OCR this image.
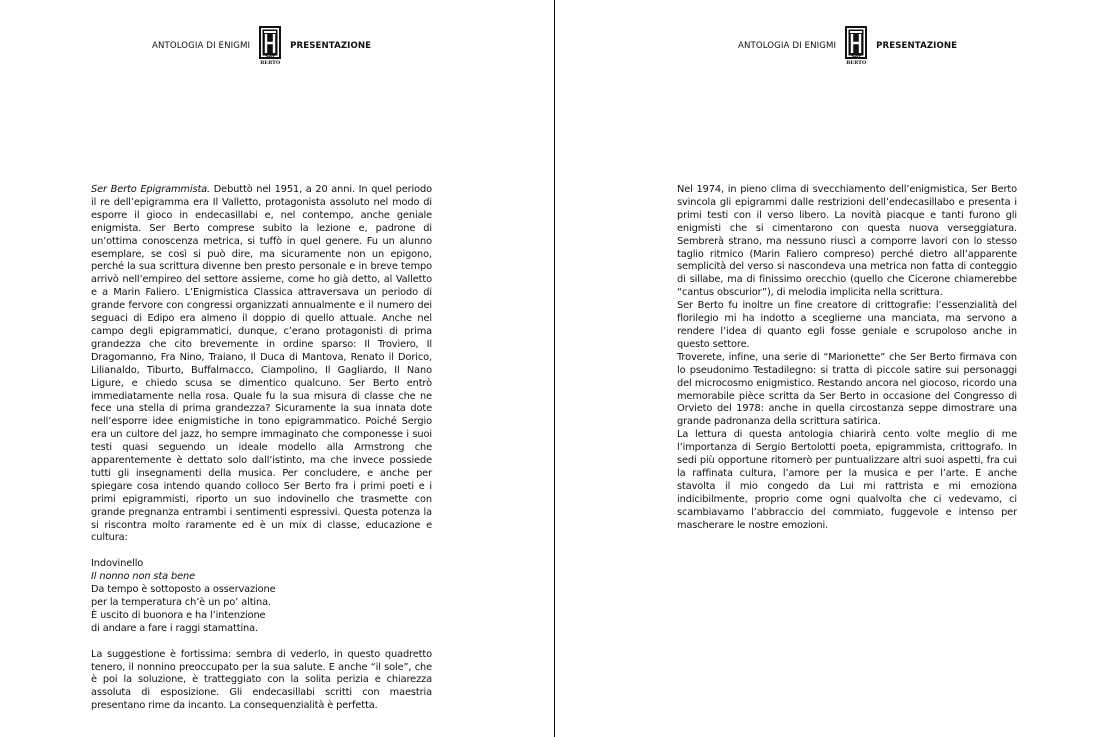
ANTOLOGIA DI ENIGMI
Ser BERTO
PRESENTAZIONE

Ser Berto Epigrammista. Debuttò nel 1951, a 20 anni. In quel periodo il re dell’epigramma era Il Valletto, protagonista assoluto nel modo di esporre il gioco in endecasillabi e, nel contempo, anche geniale enigmista. Ser Berto comprese subito la lezione e, padrone di un’ottima conoscenza metrica, si tuffò in quel genere. Fu un alunno esemplare, se così si può dire, ma sicuramente non un epigono, perché la sua scrittura divenne ben presto personale e in breve tempo arrivò nell’empireo del settore assieme, come ho già detto, al Valletto e a Marin Faliero. L’Enigmistica Classica attraversava un periodo di grande fervore con congressi organizzati annualmente e il numero dei seguaci di Edipo era almeno il doppio di quello attuale. Anche nel campo degli epigrammatici, dunque, c’erano protagonisti di prima grandezza che cito brevemente in ordine sparso: Il Troviero, Il Dragomanno, Fra Nino, Traiano, Il Duca di Mantova, Renato il Dorico, Lilianaldo, Tiburto, Buffalmacco, Ciampolino, Il Gagliardo, Il Nano Ligure, e chiedo scusa se dimentico qualcuno. Ser Berto entrò immediatamente nella rosa. Quale fu la sua misura di classe che ne fece una stella di prima grandezza? Sicuramente la sua innata dote nell’esporre idee enigmistiche in tono epigrammatico. Poiché Sergio era un cultore del jazz, ho sempre immaginato che componesse i suoi testi quasi seguendo un ideale modello alla Armstrong che apparentemente è dettato solo dall’istinto, ma che invece possiede tutti gli insegnamenti della musica. Per concludere, e anche per spiegare cosa intendo quando colloco Ser Berto fra i primi poeti e i primi epigrammisti, riporto un suo indovinello che trasmette con grande pregnanza entrambi i sentimenti espressivi. Questa potenza la si riscontra molto raramente ed è un mix di classe, educazione e cultura:

Indovinello

Il nonno non sta bene

Da tempo è sottoposto a osservazione

per la temperatura ch’è un po’ altina.

È uscito di buonora e ha l’intenzione

di andare a fare i raggi stamattina.

La suggestione è fortissima: sembra di vederlo, in questo quadretto tenero, il nonnino preoccupato per la sua salute. E anche “il sole”, che è poi la soluzione, è tratteggiato con la solita perizia e chiarezza assoluta di esposizione. Gli endecasillabi scritti con maestria presentano rime da incanto. La consequenzialità è perfetta.

ANTOLOGIA DI ENIGMI
Ser BERTO
PRESENTAZIONE

Nel 1974, in pieno clima di svecchiamento dell’enigmistica, Ser Berto svincola gli epigrammi dalle restrizioni dell’endecasillabo e presenta i primi testi con il verso libero. La novità piacque e tanti furono gli enigmisti che si cimentarono con questa nuova verseggiatura. Sembrerà strano, ma nessuno riuscì a comporre lavori con lo stesso taglio ritmico (Marin Faliero compreso) perché dietro all’apparente semplicità del verso si nascondeva una metrica non fatta di conteggio di sillabe, ma di finissimo orecchio (quello che Cicerone chiamerebbe “cantus obscurior”), di melodia implicita nella scrittura.

Ser Berto fu inoltre un fine creatore di crittografie: l’essenzialità del florilegio mi ha indotto a sceglierne una manciata, ma servono a rendere l’idea di quanto egli fosse geniale e scrupoloso anche in questo settore.

Troverete, infine, una serie di “Marionette” che Ser Berto firmava con lo pseudonimo Testadilegno: si tratta di piccole satire sui personaggi del microcosmo enigmistico. Restando ancora nel giocoso, ricordo una memorabile pièce scritta da Ser Berto in occasione del Congresso di Orvieto del 1978: anche in quella circostanza seppe dimostrare una grande padronanza della scrittura satirica.

La lettura di questa antologia chiarirà cento volte meglio di me l’importanza di Sergio Bertolotti poeta, epigrammista, crittografo. In sedi più opportune ritornerò per puntualizzare altri suoi aspetti, fra cui la raffinata cultura, l’amore per la musica e per l’arte. E anche stavolta il mio congedo da Lui mi rattrista e mi emoziona indicibilmente, proprio come ogni qualvolta che ci vedevamo, ci scambiavamo l’abbraccio del commiato, fuggevole e intenso per mascherare le nostre emozioni.
